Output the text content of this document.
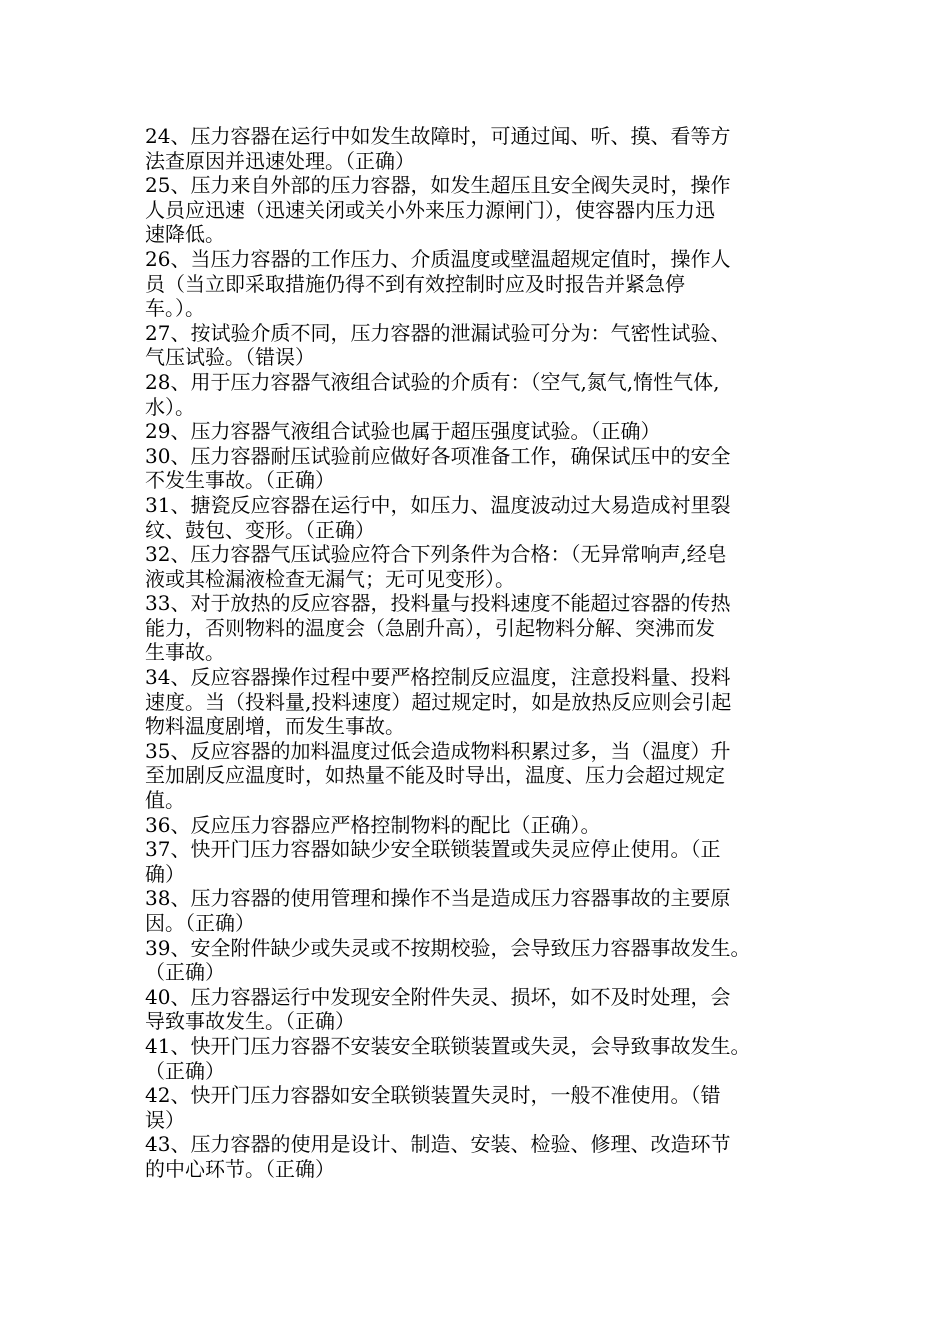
24、压力容器在运行中如发生故障时，可通过闻、听、摸、看等方
法查原因并迅速处理。（正确）
25、压力来自外部的压力容器，如发生超压且安全阀失灵时，操作
人员应迅速（迅速关闭或关小外来压力源闸门），使容器内压力迅
速降低。
26、当压力容器的工作压力、介质温度或壁温超规定值时，操作人
员（当立即采取措施仍得不到有效控制时应及时报告并紧急停
车。）。
27、按试验介质不同，压力容器的泄漏试验可分为：气密性试验、
气压试验。（错误）
28、用于压力容器气液组合试验的介质有：（空气,氮气,惰性气体,
水）。
29、压力容器气液组合试验也属于超压强度试验。（正确）
30、压力容器耐压试验前应做好各项准备工作，确保试压中的安全
不发生事故。（正确）
31、搪瓷反应容器在运行中，如压力、温度波动过大易造成衬里裂
纹、鼓包、变形。（正确）
32、压力容器气压试验应符合下列条件为合格：（无异常响声,经皂
液或其检漏液检查无漏气；无可见变形）。
33、对于放热的反应容器，投料量与投料速度不能超过容器的传热
能力，否则物料的温度会（急剧升高），引起物料分解、突沸而发
生事故。
34、反应容器操作过程中要严格控制反应温度，注意投料量、投料
速度。当（投料量,投料速度）超过规定时，如是放热反应则会引起
物料温度剧增，而发生事故。
35、反应容器的加料温度过低会造成物料积累过多，当（温度）升
至加剧反应温度时，如热量不能及时导出，温度、压力会超过规定
值。
36、反应压力容器应严格控制物料的配比（正确）。
37、快开门压力容器如缺少安全联锁装置或失灵应停止使用。（正
确）
38、压力容器的使用管理和操作不当是造成压力容器事故的主要原
因。（正确）
39、安全附件缺少或失灵或不按期校验，会导致压力容器事故发生。
（正确）
40、压力容器运行中发现安全附件失灵、损坏，如不及时处理，会
导致事故发生。（正确）
41、快开门压力容器不安装安全联锁装置或失灵，会导致事故发生。
（正确）
42、快开门压力容器如安全联锁装置失灵时，一般不准使用。（错
误）
43、压力容器的使用是设计、制造、安装、检验、修理、改造环节
的中心环节。（正确）
